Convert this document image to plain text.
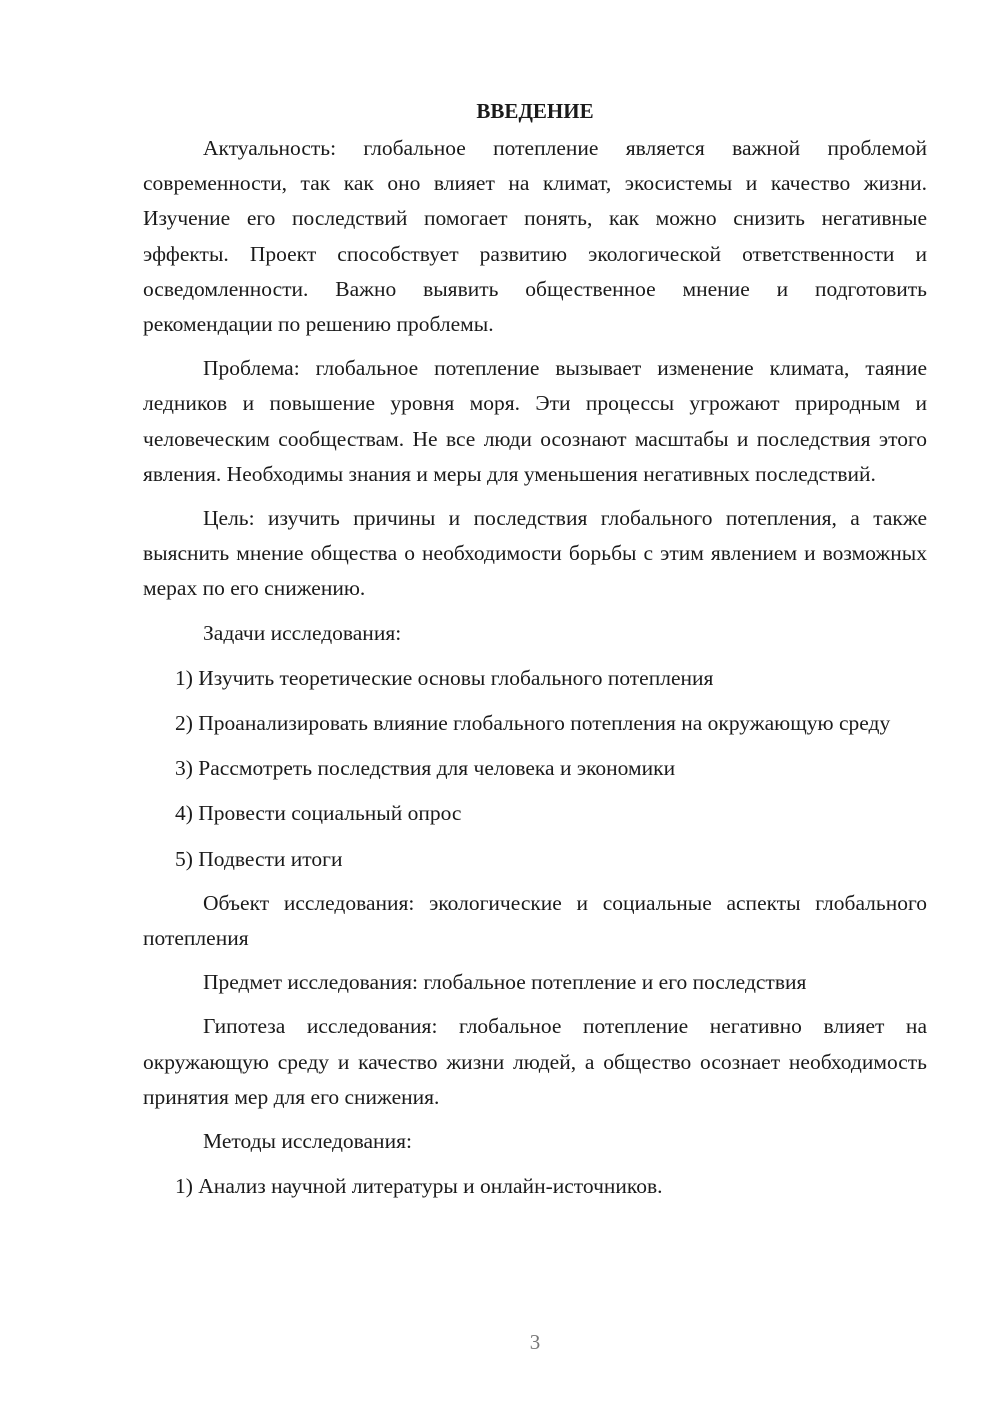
ВВЕДЕНИЕ

Актуальность: глобальное потепление является важной проблемой современности, так как оно влияет на климат, экосистемы и качество жизни. Изучение его последствий помогает понять, как можно снизить негативные эффекты. Проект способствует развитию экологической ответственности и осведомленности. Важно выявить общественное мнение и подготовить рекомендации по решению проблемы.

Проблема: глобальное потепление вызывает изменение климата, таяние ледников и повышение уровня моря. Эти процессы угрожают природным и человеческим сообществам. Не все люди осознают масштабы и последствия этого явления. Необходимы знания и меры для уменьшения негативных последствий.

Цель: изучить причины и последствия глобального потепления, а также выяснить мнение общества о необходимости борьбы с этим явлением и возможных мерах по его снижению.

Задачи исследования:

1) Изучить теоретические основы глобального потепления

2) Проанализировать влияние глобального потепления на окружающую среду

3) Рассмотреть последствия для человека и экономики

4) Провести социальный опрос

5) Подвести итоги

Объект исследования: экологические и социальные аспекты глобального потепления

Предмет исследования: глобальное потепление и его последствия

Гипотеза исследования: глобальное потепление негативно влияет на окружающую среду и качество жизни людей, а общество осознает необходимость принятия мер для его снижения.

Методы исследования:

1) Анализ научной литературы и онлайн-источников.

3
